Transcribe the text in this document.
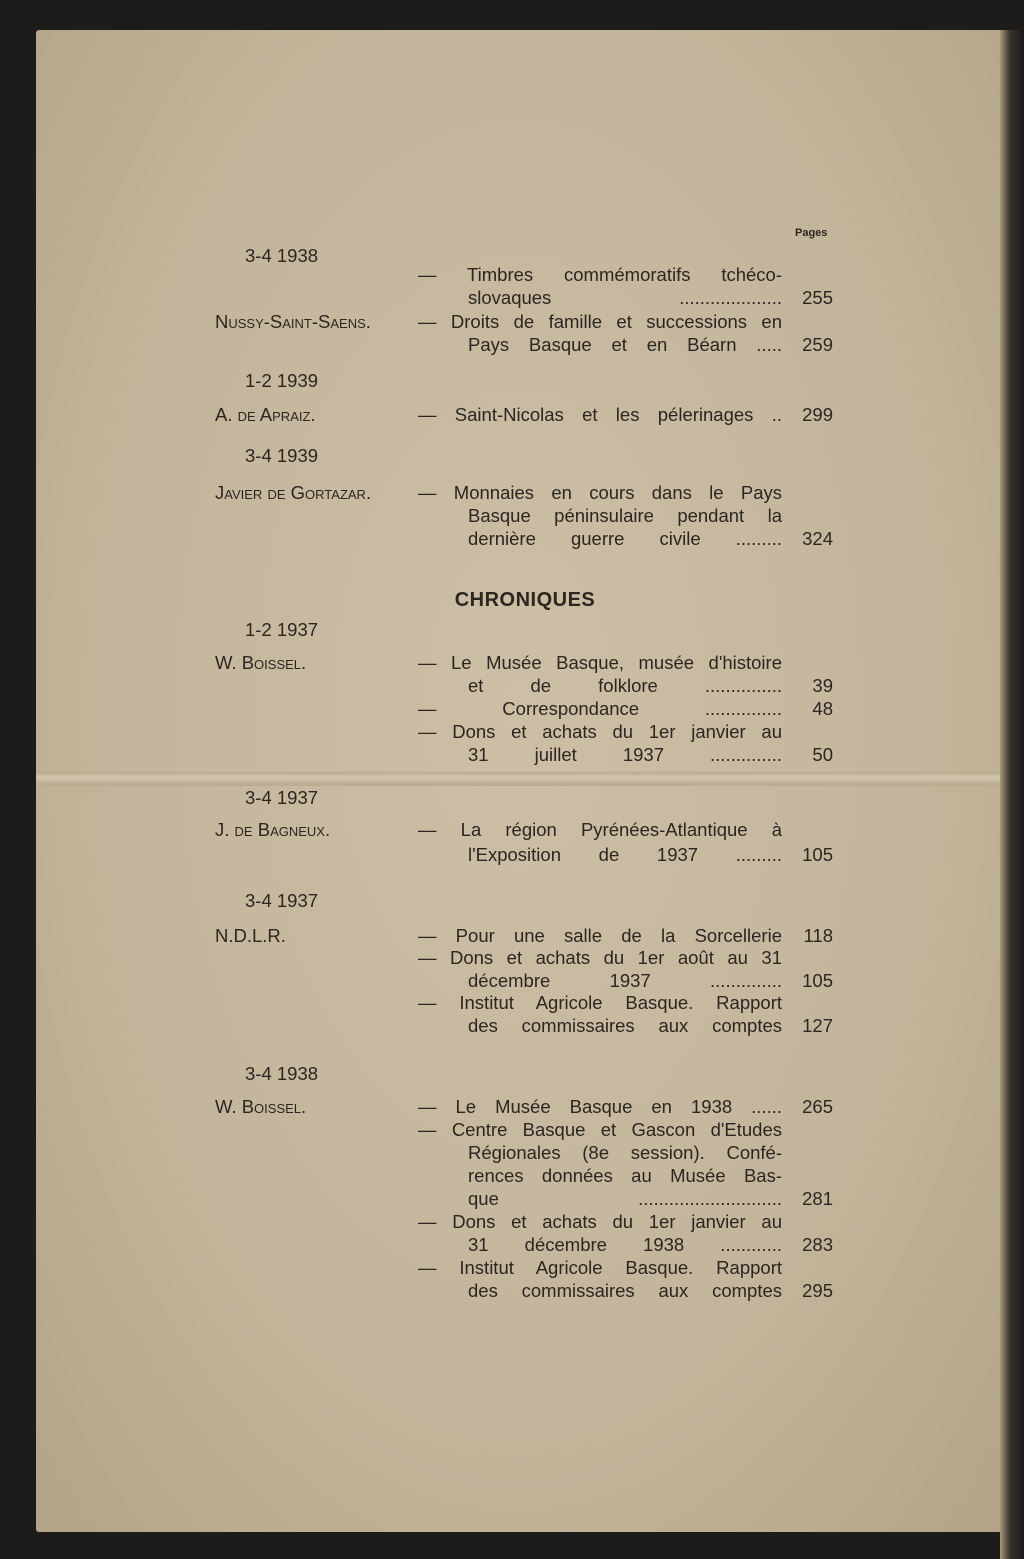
Pages
3-4 1938
— Timbres commémoratifs tchéco-
slovaques ....................	255
Nussy-Saint-Saens.	— Droits de famille et successions en
Pays Basque et en Béarn .....	259
1-2 1939
A. de Apraiz.	— Saint-Nicolas et les pélerinages ..	299
3-4 1939
Javier de Gortazar.	— Monnaies en cours dans le Pays
Basque péninsulaire pendant la
dernière guerre civile .........	324
CHRONIQUES
1-2 1937
W. Boissel.	— Le Musée Basque, musée d'histoire
et de folklore ...............	39
— Correspondance ...............	48
— Dons et achats du 1er janvier au
31 juillet 1937 ..............	50
3-4 1937
J. de Bagneux.	— La région Pyrénées-Atlantique à
l'Exposition de 1937 .........	105
3-4 1937
N.D.L.R.	— Pour une salle de la Sorcellerie	118
— Dons et achats du 1er août au 31
décembre 1937 ..............	105
— Institut Agricole Basque. Rapport
des commissaires aux comptes	127
3-4 1938
W. Boissel.	— Le Musée Basque en 1938 ......	265
— Centre Basque et Gascon d'Etudes
Régionales (8e session). Confé-
rences données au Musée Bas-
que ............................	281
— Dons et achats du 1er janvier au
31 décembre 1938 ............	283
— Institut Agricole Basque. Rapport
des commissaires aux comptes	295
